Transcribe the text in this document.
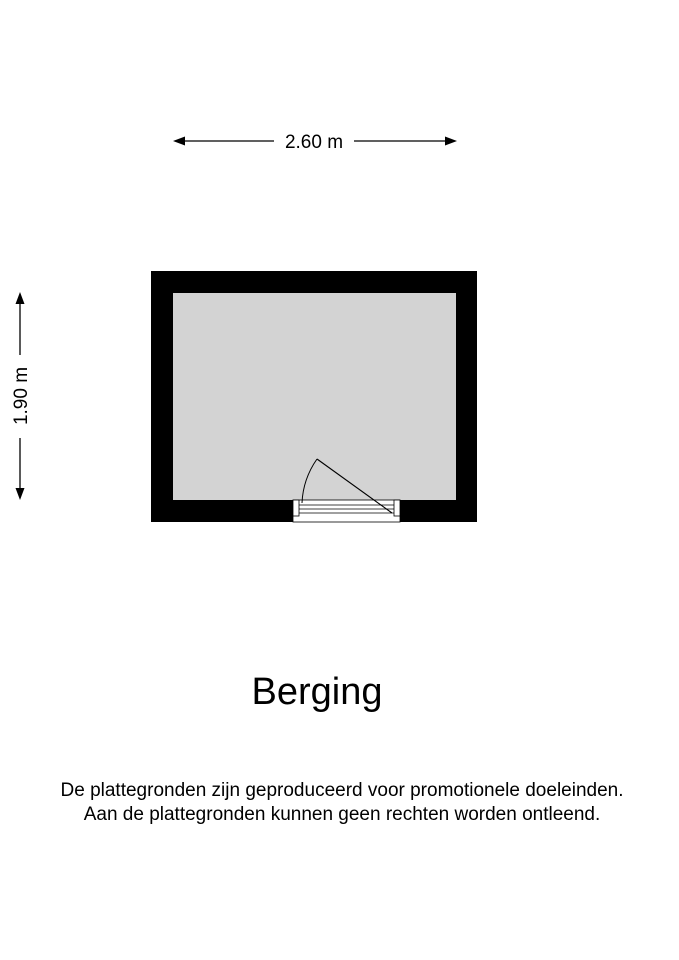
2.60 m
1.90 m
Berging
De plattegronden zijn geproduceerd voor promotionele doeleinden.
Aan de plattegronden kunnen geen rechten worden ontleend.
